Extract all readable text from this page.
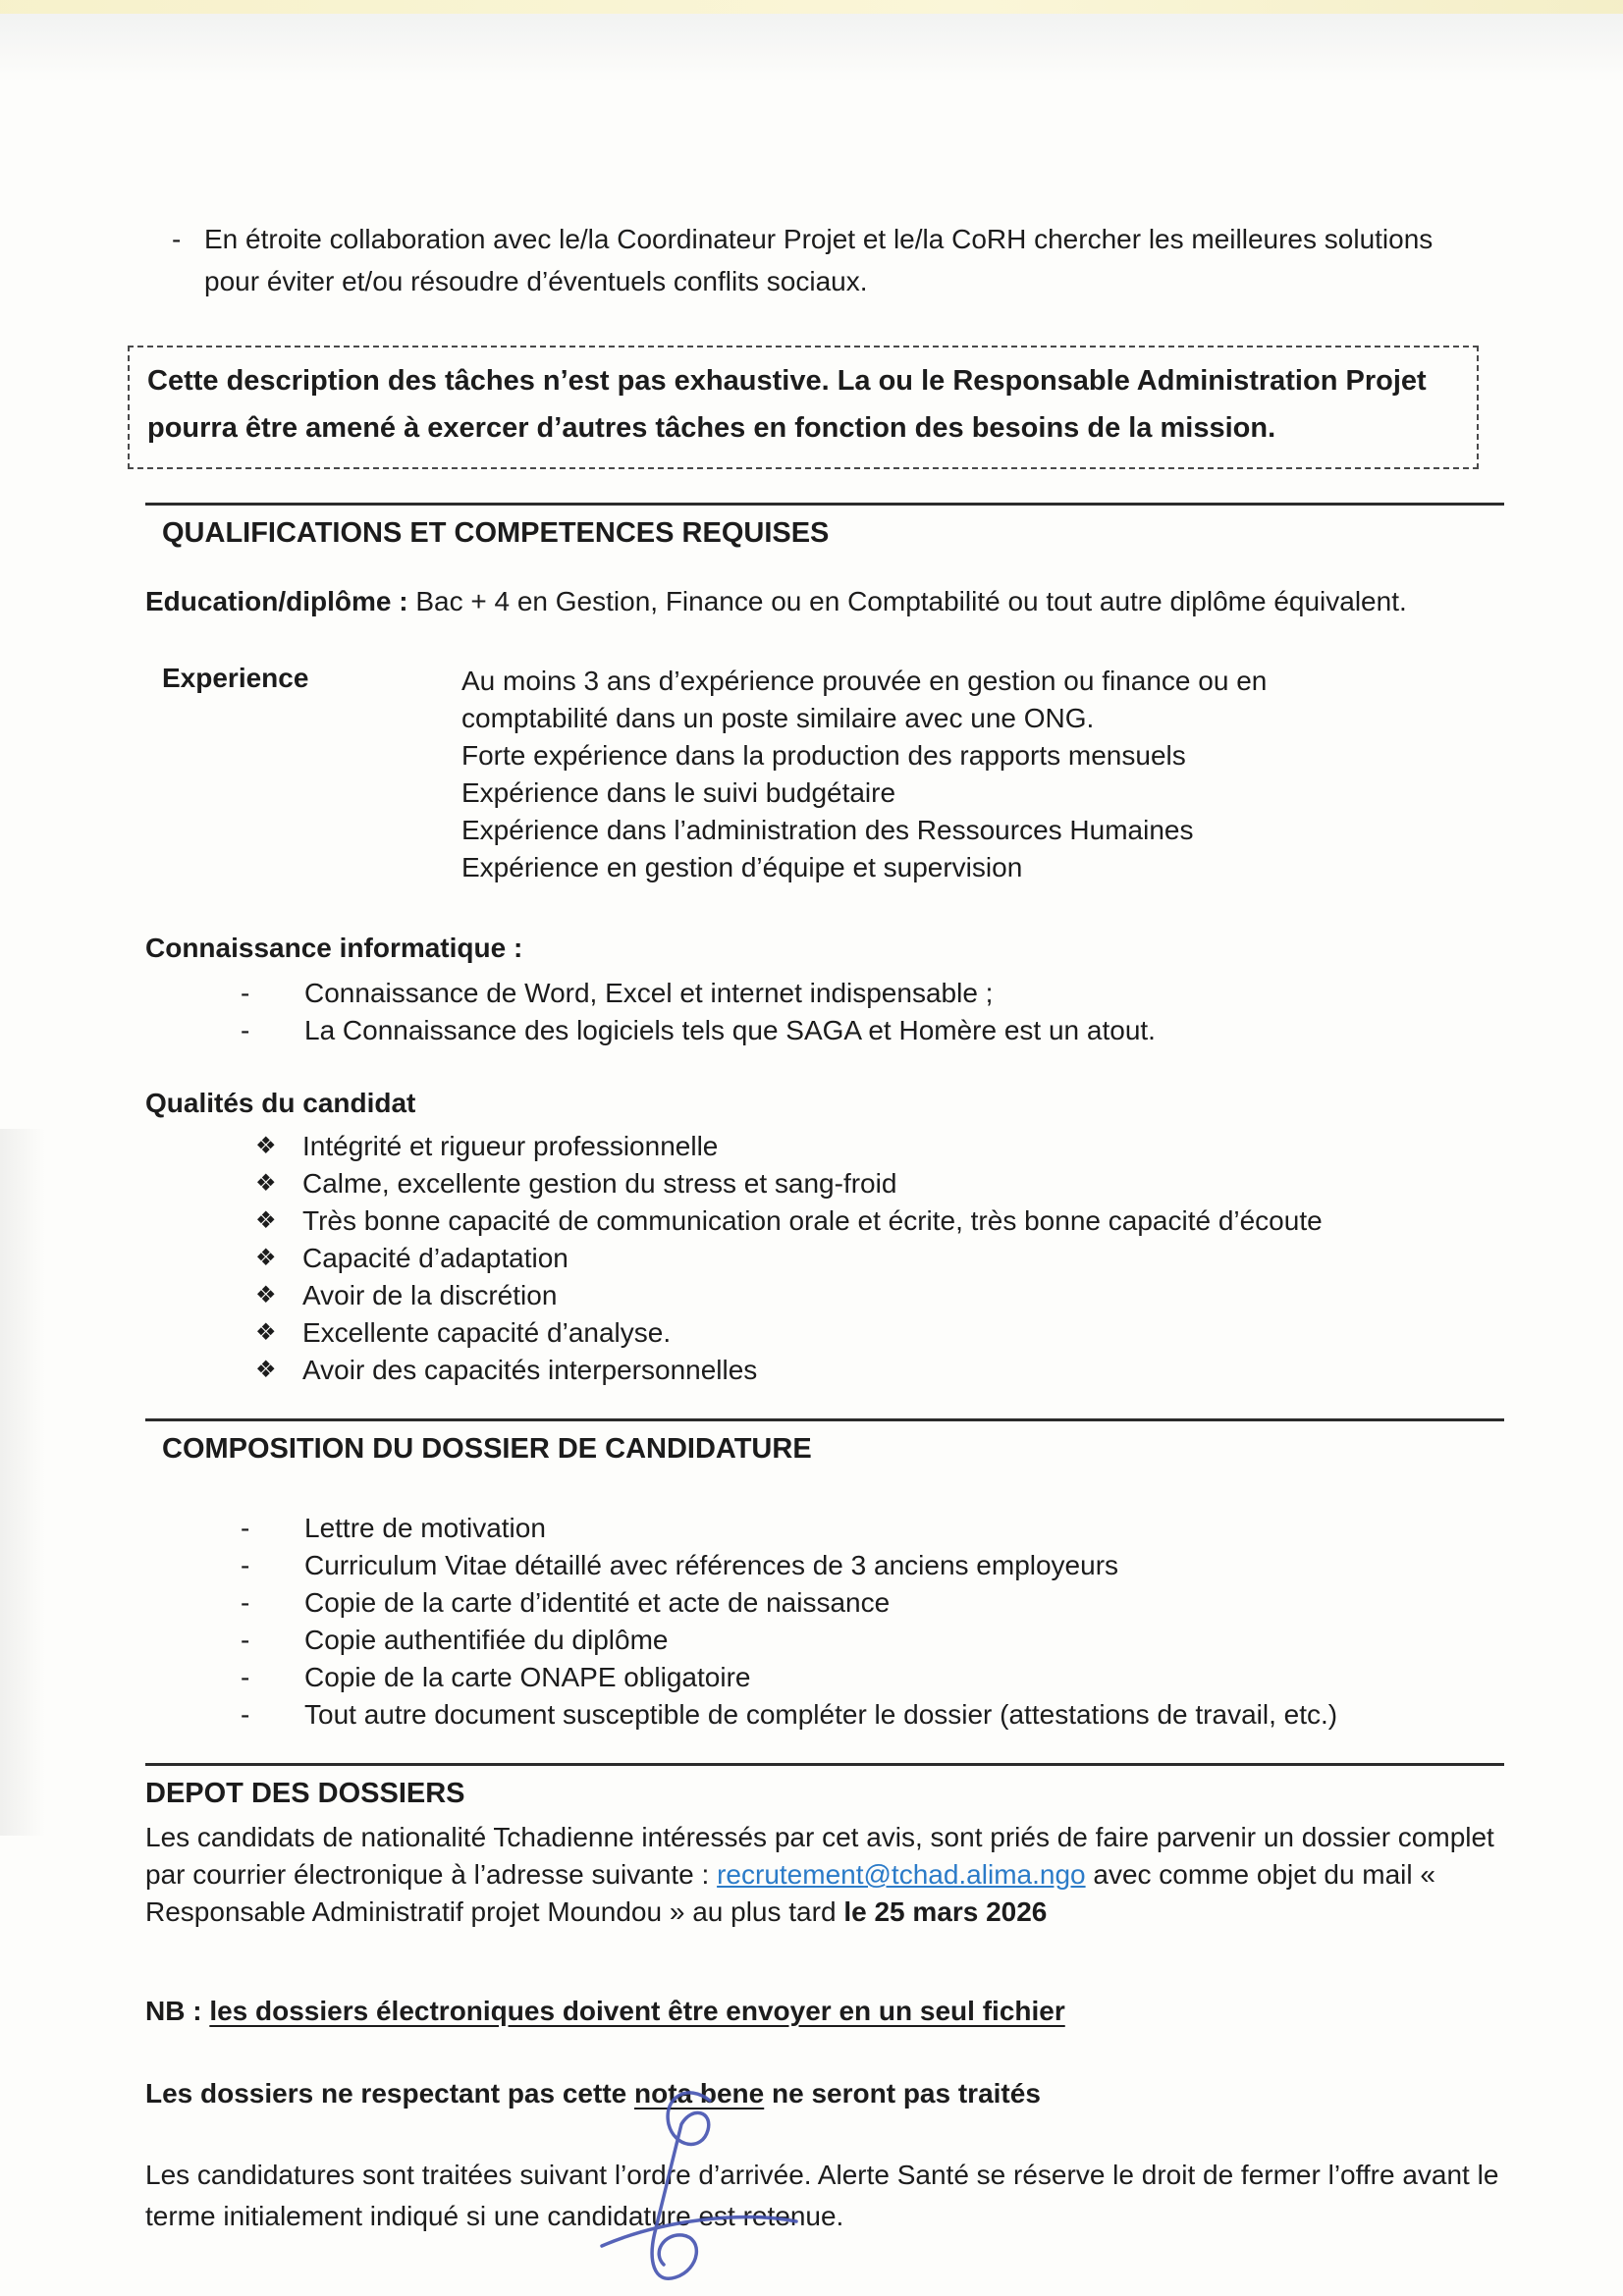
- En étroite collaboration avec le/la Coordinateur Projet et le/la CoRH chercher les meilleures solutions pour éviter et/ou résoudre d’éventuels conflits sociaux.
Cette description des tâches n’est pas exhaustive. La ou le Responsable Administration Projet pourra être amené à exercer d’autres tâches en fonction des besoins de la mission.
QUALIFICATIONS ET COMPETENCES REQUISES

Education/diplôme : Bac + 4 en Gestion, Finance ou en Comptabilité ou tout autre diplôme équivalent.

Experience	Au moins 3 ans d’expérience prouvée en gestion ou finance ou en comptabilité dans un poste similaire avec une ONG.
Forte expérience dans la production des rapports mensuels
Expérience dans le suivi budgétaire
Expérience dans l’administration des Ressources Humaines
Expérience en gestion d’équipe et supervision
Connaissance informatique :
-	Connaissance de Word, Excel et internet indispensable ;
-	La Connaissance des logiciels tels que SAGA et Homère est un atout.
Qualités du candidat
❖ Intégrité et rigueur professionnelle
❖ Calme, excellente gestion du stress et sang-froid
❖ Très bonne capacité de communication orale et écrite, très bonne capacité d’écoute
❖ Capacité d’adaptation
❖ Avoir de la discrétion
❖ Excellente capacité d’analyse.
❖ Avoir des capacités interpersonnelles
COMPOSITION DU DOSSIER DE CANDIDATURE
-	Lettre de motivation
-	Curriculum Vitae détaillé avec références de 3 anciens employeurs
-	Copie de la carte d’identité et acte de naissance
-	Copie authentifiée du diplôme
-	Copie de la carte ONAPE obligatoire
-	Tout autre document susceptible de compléter le dossier (attestations de travail, etc.)
DEPOT DES DOSSIERS

Les candidats de nationalité Tchadienne intéressés par cet avis, sont priés de faire parvenir un dossier complet par courrier électronique à l’adresse suivante : recrutement@tchad.alima.ngo avec comme objet du mail « Responsable Administratif projet Moundou » au plus tard le 25 mars 2026

NB : les dossiers électroniques doivent être envoyer en un seul fichier

Les dossiers ne respectant pas cette nota bene ne seront pas traités

Les candidatures sont traitées suivant l’ordre d’arrivée. Alerte Santé se réserve le droit de fermer l’offre avant le terme initialement indiqué si une candidature est retenue.
